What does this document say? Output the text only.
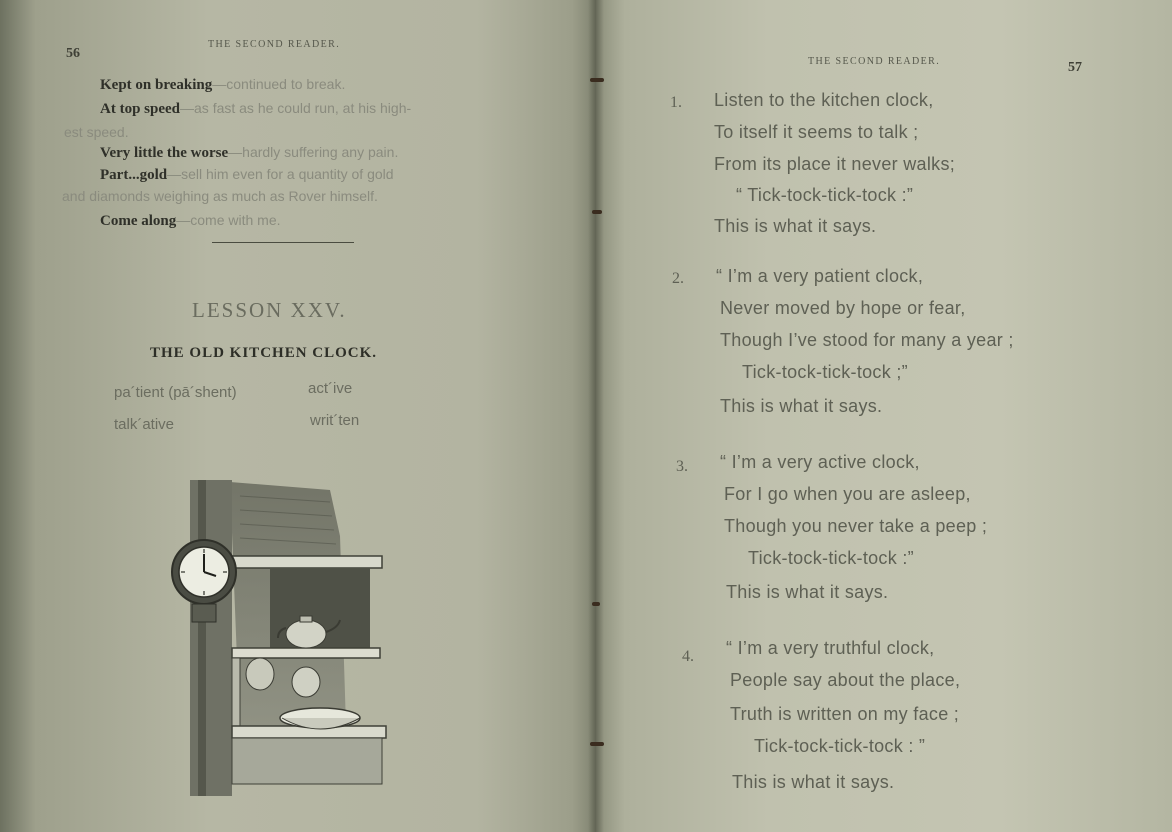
56
THE SECOND READER.
Kept on breaking—continued to break.
At top speed—as fast as he could run, at his high-
est speed.
Very little the worse—hardly suffering any pain.
Part...gold—sell him even for a quantity of gold
and diamonds weighing as much as Rover himself.
Come along—come with me.
LESSON XXV.
THE OLD KITCHEN CLOCK.
pa´tient (pā´shent)	act´ive
talk´ative	writ´ten
THE SECOND READER.	57
1. Listen to the kitchen clock,
To itself it seems to talk ;
From its place it never walks;
“ Tick-tock-tick-tock :”
This is what it says.
2. “ I’m a very patient clock,
Never moved by hope or fear,
Though I’ve stood for many a year ;
Tick-tock-tick-tock ;”
This is what it says.
3. “ I’m a very active clock,
For I go when you are asleep,
Though you never take a peep ;
Tick-tock-tick-tock :”
This is what it says.
4. “ I’m a very truthful clock,
People say about the place,
Truth is written on my face ;
Tick-tock-tick-tock : ”
This is what it says.
